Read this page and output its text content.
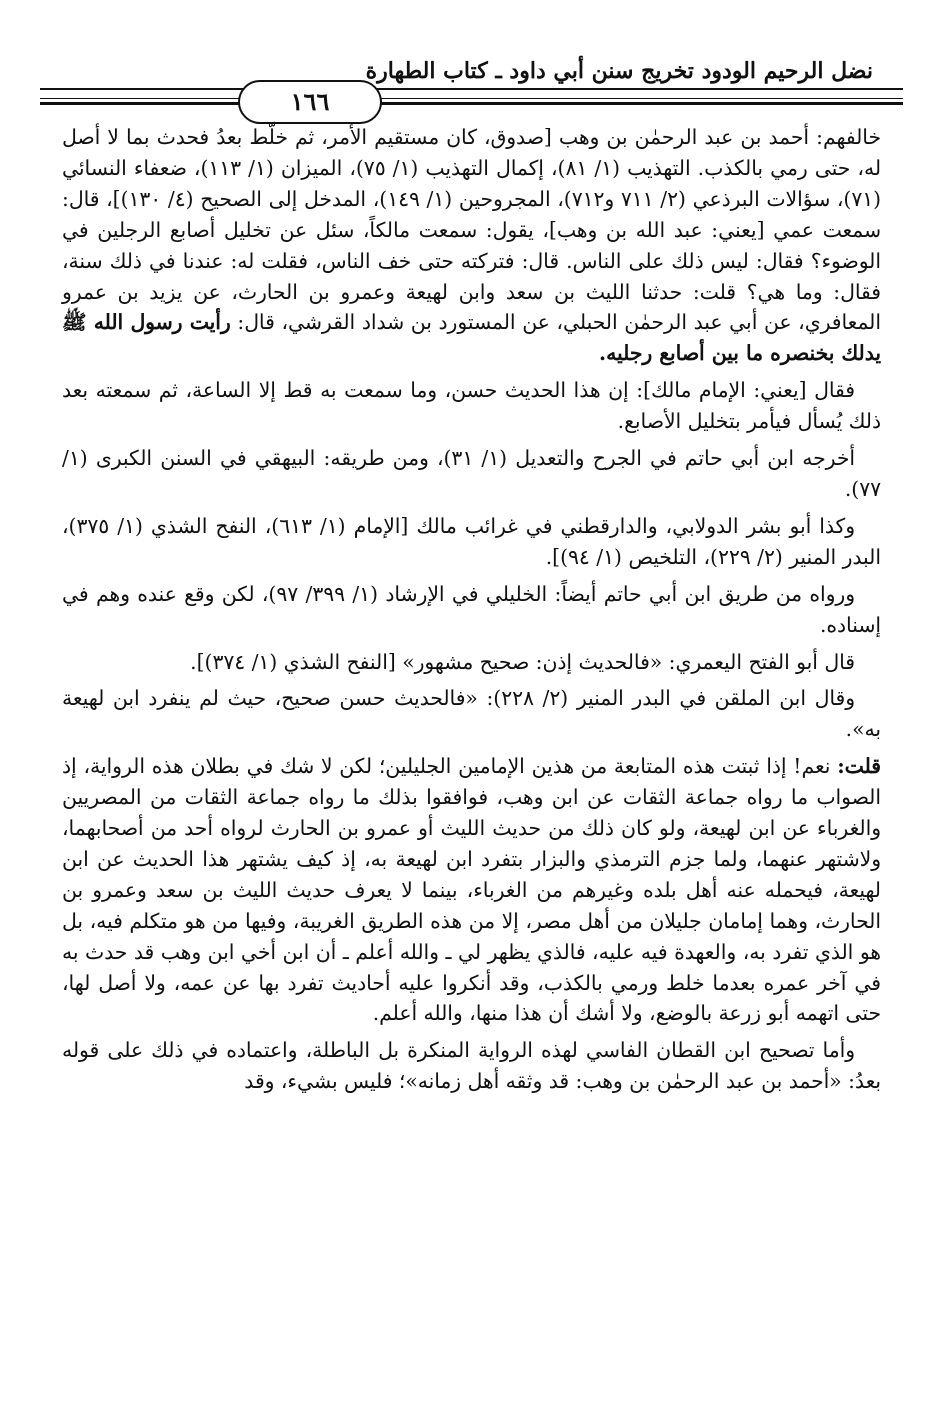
نضل الرحيم الودود تخريج سنن أبي داود ـ كتاب الطهارة
١٦٦

خالفهم: أحمد بن عبد الرحمٰن بن وهب [صدوق، كان مستقيم الأمر، ثم خلّط بعدُ فحدث بما لا أصل له، حتى رمي بالكذب. التهذيب (١/ ٨١)، إكمال التهذيب (١/ ٧٥)، الميزان (١/ ١١٣)، ضعفاء النسائي (٧١)، سؤالات البرذعي (٢/ ٧١١ و٧١٢)، المجروحين (١/ ١٤٩)، المدخل إلى الصحيح (٤/ ١٣٠)]، قال: سمعت عمي [يعني: عبد الله بن وهب]، يقول: سمعت مالكاً، سئل عن تخليل أصابع الرجلين في الوضوء؟ فقال: ليس ذلك على الناس. قال: فتركته حتى خف الناس، فقلت له: عندنا في ذلك سنة، فقال: وما هي؟ قلت: حدثنا الليث بن سعد وابن لهيعة وعمرو بن الحارث، عن يزيد بن عمرو المعافري، عن أبي عبد الرحمٰن الحبلي، عن المستورد بن شداد القرشي، قال: رأيت رسول الله ﷺ يدلك بخنصره ما بين أصابع رجليه.

فقال [يعني: الإمام مالك]: إن هذا الحديث حسن، وما سمعت به قط إلا الساعة، ثم سمعته بعد ذلك يُسأل فيأمر بتخليل الأصابع.

أخرجه ابن أبي حاتم في الجرح والتعديل (١/ ٣١)، ومن طريقه: البيهقي في السنن الكبرى (١/ ٧٧).

وكذا أبو بشر الدولابي، والدارقطني في غرائب مالك [الإمام (١/ ٦١٣)، النفح الشذي (١/ ٣٧٥)، البدر المنير (٢/ ٢٢٩)، التلخيص (١/ ٩٤)].

ورواه من طريق ابن أبي حاتم أيضاً: الخليلي في الإرشاد (١/ ٣٩٩/ ٩٧)، لكن وقع عنده وهم في إسناده.

قال أبو الفتح اليعمري: «فالحديث إذن: صحيح مشهور» [النفح الشذي (١/ ٣٧٤)].

وقال ابن الملقن في البدر المنير (٢/ ٢٢٨): «فالحديث حسن صحيح، حيث لم ينفرد ابن لهيعة به».

قلت: نعم! إذا ثبتت هذه المتابعة من هذين الإمامين الجليلين؛ لكن لا شك في بطلان هذه الرواية، إذ الصواب ما رواه جماعة الثقات عن ابن وهب، فوافقوا بذلك ما رواه جماعة الثقات من المصريين والغرباء عن ابن لهيعة، ولو كان ذلك من حديث الليث أو عمرو بن الحارث لرواه أحد من أصحابهما، ولاشتهر عنهما، ولما جزم الترمذي والبزار بتفرد ابن لهيعة به، إذ كيف يشتهر هذا الحديث عن ابن لهيعة، فيحمله عنه أهل بلده وغيرهم من الغرباء، بينما لا يعرف حديث الليث بن سعد وعمرو بن الحارث، وهما إمامان جليلان من أهل مصر، إلا من هذه الطريق الغريبة، وفيها من هو متكلم فيه، بل هو الذي تفرد به، والعهدة فيه عليه، فالذي يظهر لي ـ والله أعلم ـ أن ابن أخي ابن وهب قد حدث به في آخر عمره بعدما خلط ورمي بالكذب، وقد أنكروا عليه أحاديث تفرد بها عن عمه، ولا أصل لها، حتى اتهمه أبو زرعة بالوضع، ولا أشك أن هذا منها، والله أعلم.

وأما تصحيح ابن القطان الفاسي لهذه الرواية المنكرة بل الباطلة، واعتماده في ذلك على قوله بعدُ: «أحمد بن عبد الرحمٰن بن وهب: قد وثقه أهل زمانه»؛ فليس بشيء، وقد
